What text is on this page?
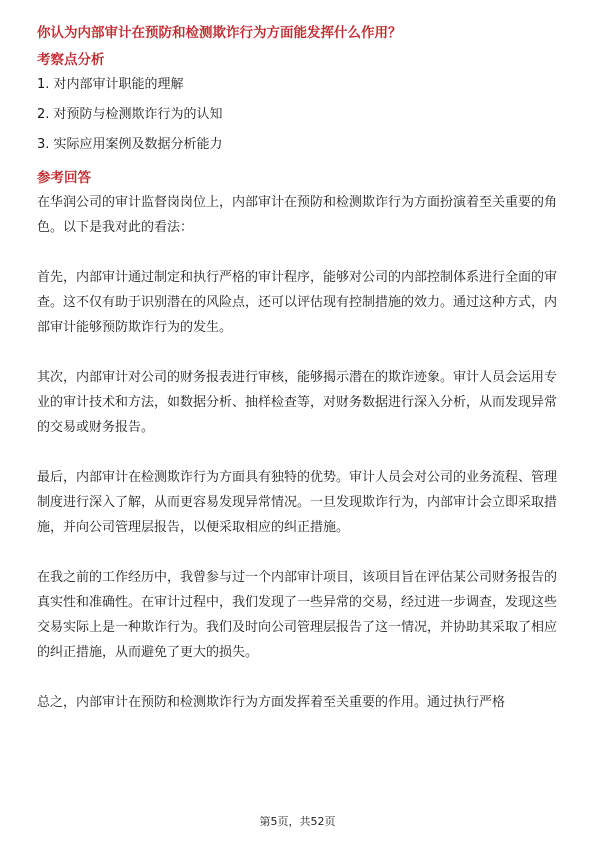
你认为内部审计在预防和检测欺诈行为方面能发挥什么作用？
考察点分析
1. 对内部审计职能的理解
2. 对预防与检测欺诈行为的认知
3. 实际应用案例及数据分析能力
参考回答

在华润公司的审计监督岗岗位上，内部审计在预防和检测欺诈行为方面扮演着至关重要的角色。以下是我对此的看法：

首先，内部审计通过制定和执行严格的审计程序，能够对公司的内部控制体系进行全面的审查。这不仅有助于识别潜在的风险点，还可以评估现有控制措施的效力。通过这种方式，内部审计能够预防欺诈行为的发生。

其次，内部审计对公司的财务报表进行审核，能够揭示潜在的欺诈迹象。审计人员会运用专业的审计技术和方法，如数据分析、抽样检查等，对财务数据进行深入分析，从而发现异常的交易或财务报告。

最后，内部审计在检测欺诈行为方面具有独特的优势。审计人员会对公司的业务流程、管理制度进行深入了解，从而更容易发现异常情况。一旦发现欺诈行为，内部审计会立即采取措施，并向公司管理层报告，以便采取相应的纠正措施。

在我之前的工作经历中，我曾参与过一个内部审计项目，该项目旨在评估某公司财务报告的真实性和准确性。在审计过程中，我们发现了一些异常的交易，经过进一步调查，发现这些交易实际上是一种欺诈行为。我们及时向公司管理层报告了这一情况，并协助其采取了相应的纠正措施，从而避免了更大的损失。

总之，内部审计在预防和检测欺诈行为方面发挥着至关重要的作用。通过执行严格

第5页，共52页
